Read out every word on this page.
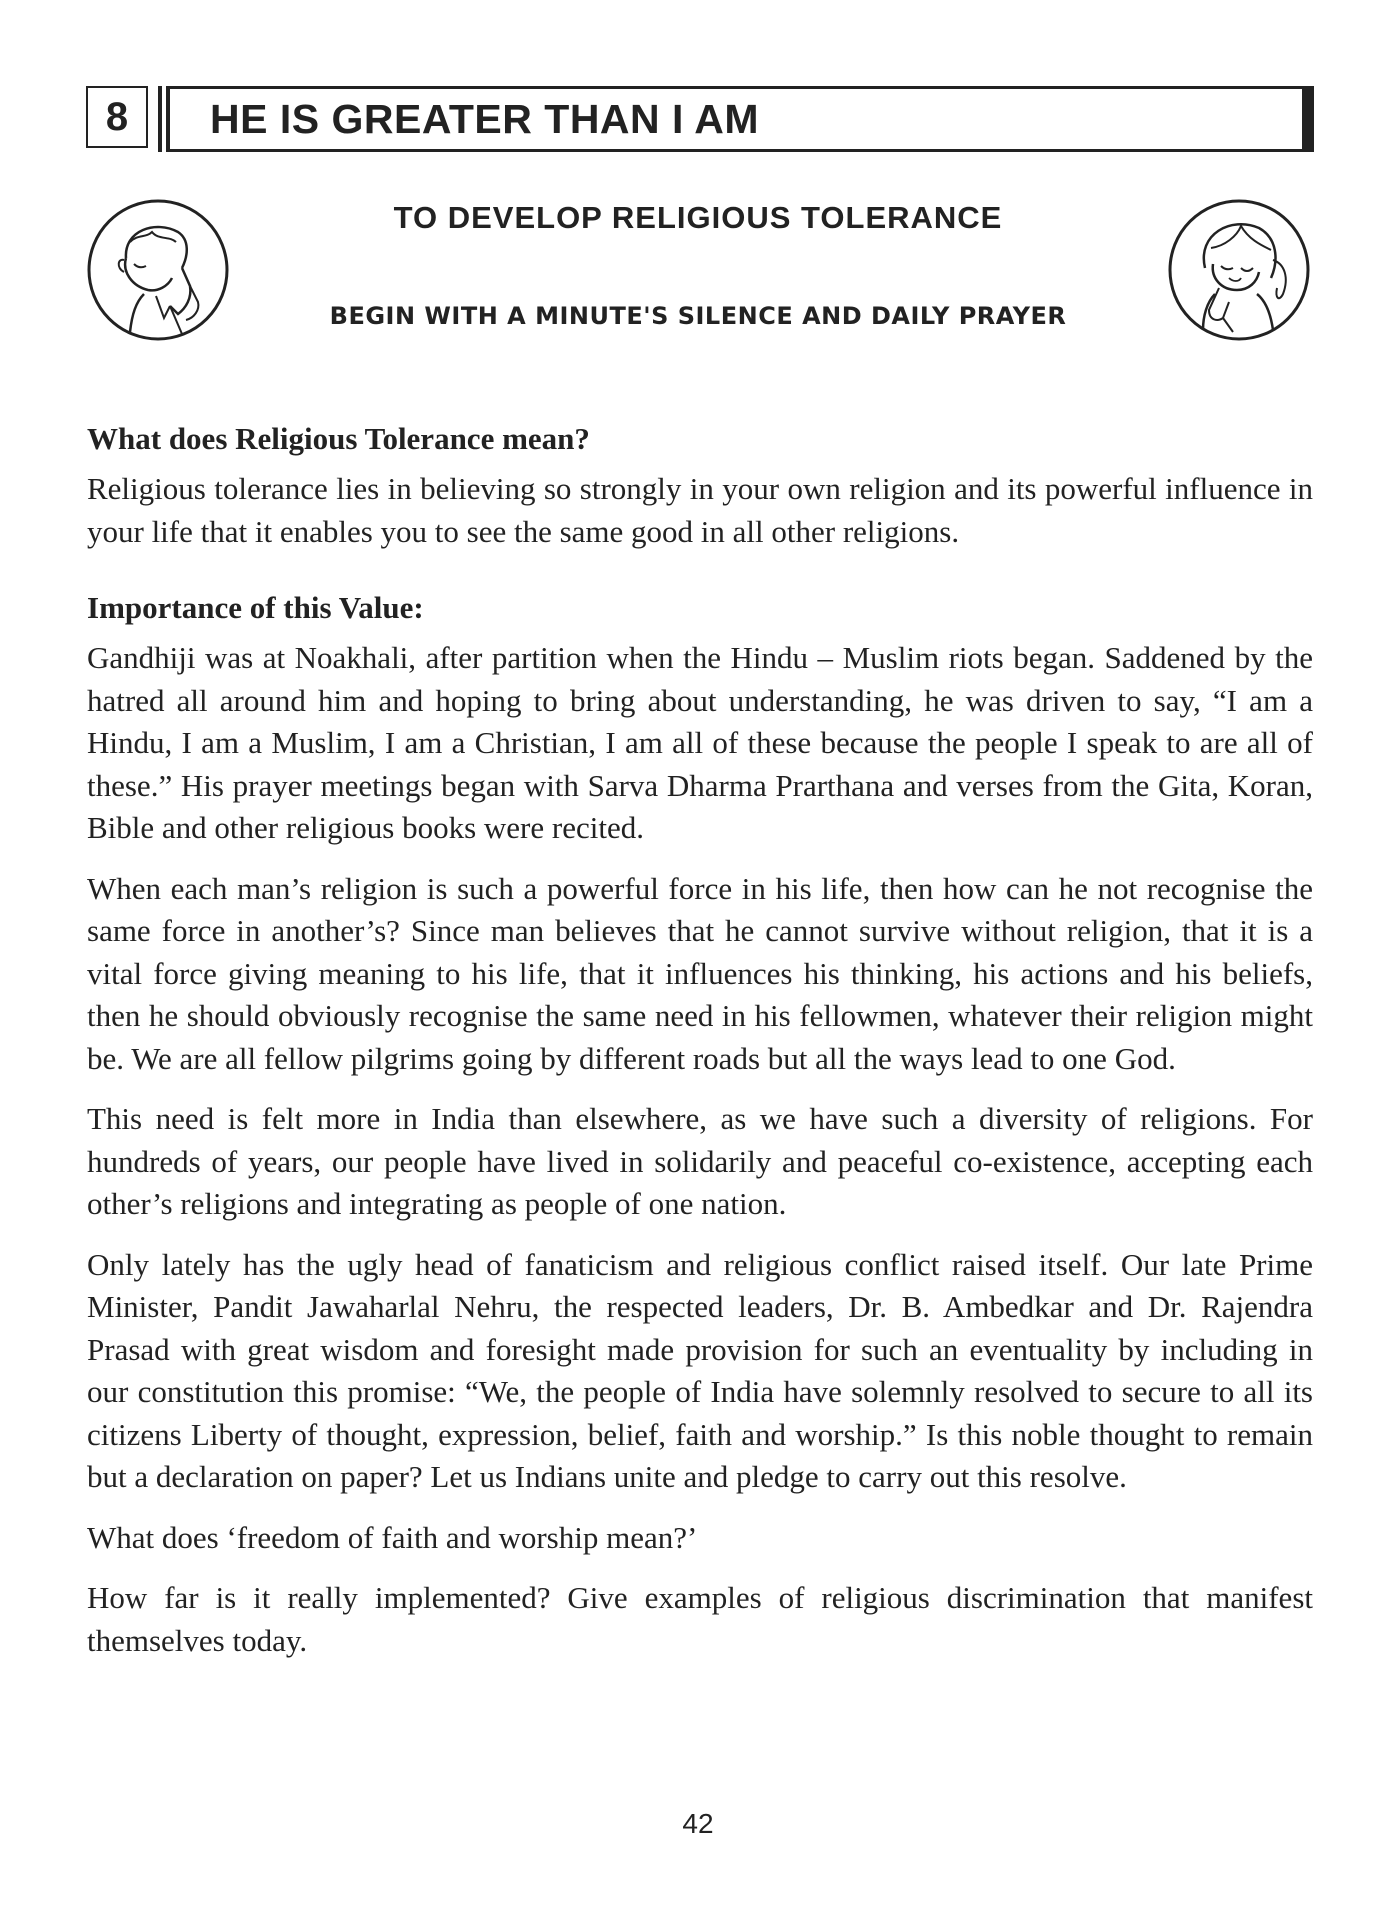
8	HE IS GREATER THAN I AM
TO DEVELOP RELIGIOUS TOLERANCE
BEGIN WITH A MINUTE'S SILENCE AND DAILY PRAYER
What does Religious Tolerance mean?

Religious tolerance lies in believing so strongly in your own religion and its powerful influence in your life that it enables you to see the same good in all other religions.

Importance of this Value:

Gandhiji was at Noakhali, after partition when the Hindu – Muslim riots began. Saddened by the hatred all around him and hoping to bring about understanding, he was driven to say, “I am a Hindu, I am a Muslim, I am a Christian, I am all of these because the people I speak to are all of these.” His prayer meetings began with Sarva Dharma Prarthana and verses from the Gita, Koran, Bible and other religious books were recited.

When each man’s religion is such a powerful force in his life, then how can he not recognise the same force in another’s? Since man believes that he cannot survive without religion, that it is a vital force giving meaning to his life, that it influences his thinking, his actions and his beliefs, then he should obviously recognise the same need in his fellowmen, whatever their religion might be. We are all fellow pilgrims going by different roads but all the ways lead to one God.

This need is felt more in India than elsewhere, as we have such a diversity of religions. For hundreds of years, our people have lived in solidarily and peaceful co-existence, accepting each other’s religions and integrating as people of one nation.

Only lately has the ugly head of fanaticism and religious conflict raised itself. Our late Prime Minister, Pandit Jawaharlal Nehru, the respected leaders, Dr. B. Ambedkar and Dr. Rajendra Prasad with great wisdom and foresight made provision for such an eventuality by including in our constitution this promise: “We, the people of India have solemnly resolved to secure to all its citizens Liberty of thought, expression, belief, faith and worship.” Is this noble thought to remain but a declaration on paper? Let us Indians unite and pledge to carry out this resolve.

What does ‘freedom of faith and worship mean?’

How far is it really implemented? Give examples of religious discrimination that manifest themselves today.

42
